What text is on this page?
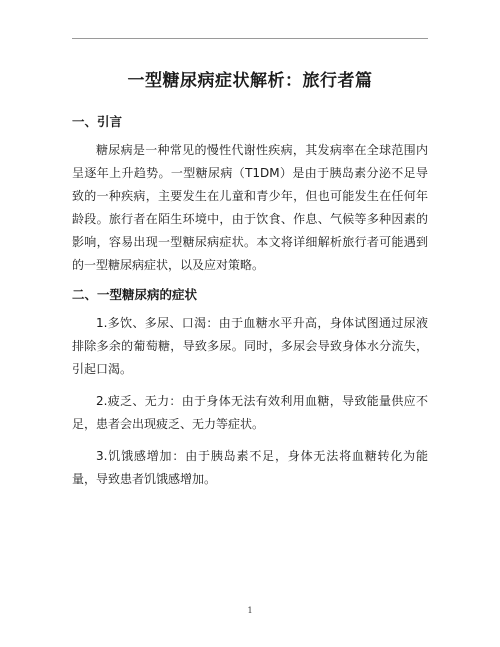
一型糖尿病症状解析：旅行者篇
一、引言

糖尿病是一种常见的慢性代谢性疾病，其发病率在全球范围内呈逐年上升趋势。一型糖尿病（T1DM）是由于胰岛素分泌不足导致的一种疾病，主要发生在儿童和青少年，但也可能发生在任何年龄段。旅行者在陌生环境中，由于饮食、作息、气候等多种因素的影响，容易出现一型糖尿病症状。本文将详细解析旅行者可能遇到的一型糖尿病症状，以及应对策略。

二、一型糖尿病的症状

1.多饮、多尿、口渴：由于血糖水平升高，身体试图通过尿液排除多余的葡萄糖，导致多尿。同时，多尿会导致身体水分流失，引起口渴。

2.疲乏、无力：由于身体无法有效利用血糖，导致能量供应不足，患者会出现疲乏、无力等症状。

3.饥饿感增加：由于胰岛素不足，身体无法将血糖转化为能量，导致患者饥饿感增加。

1
